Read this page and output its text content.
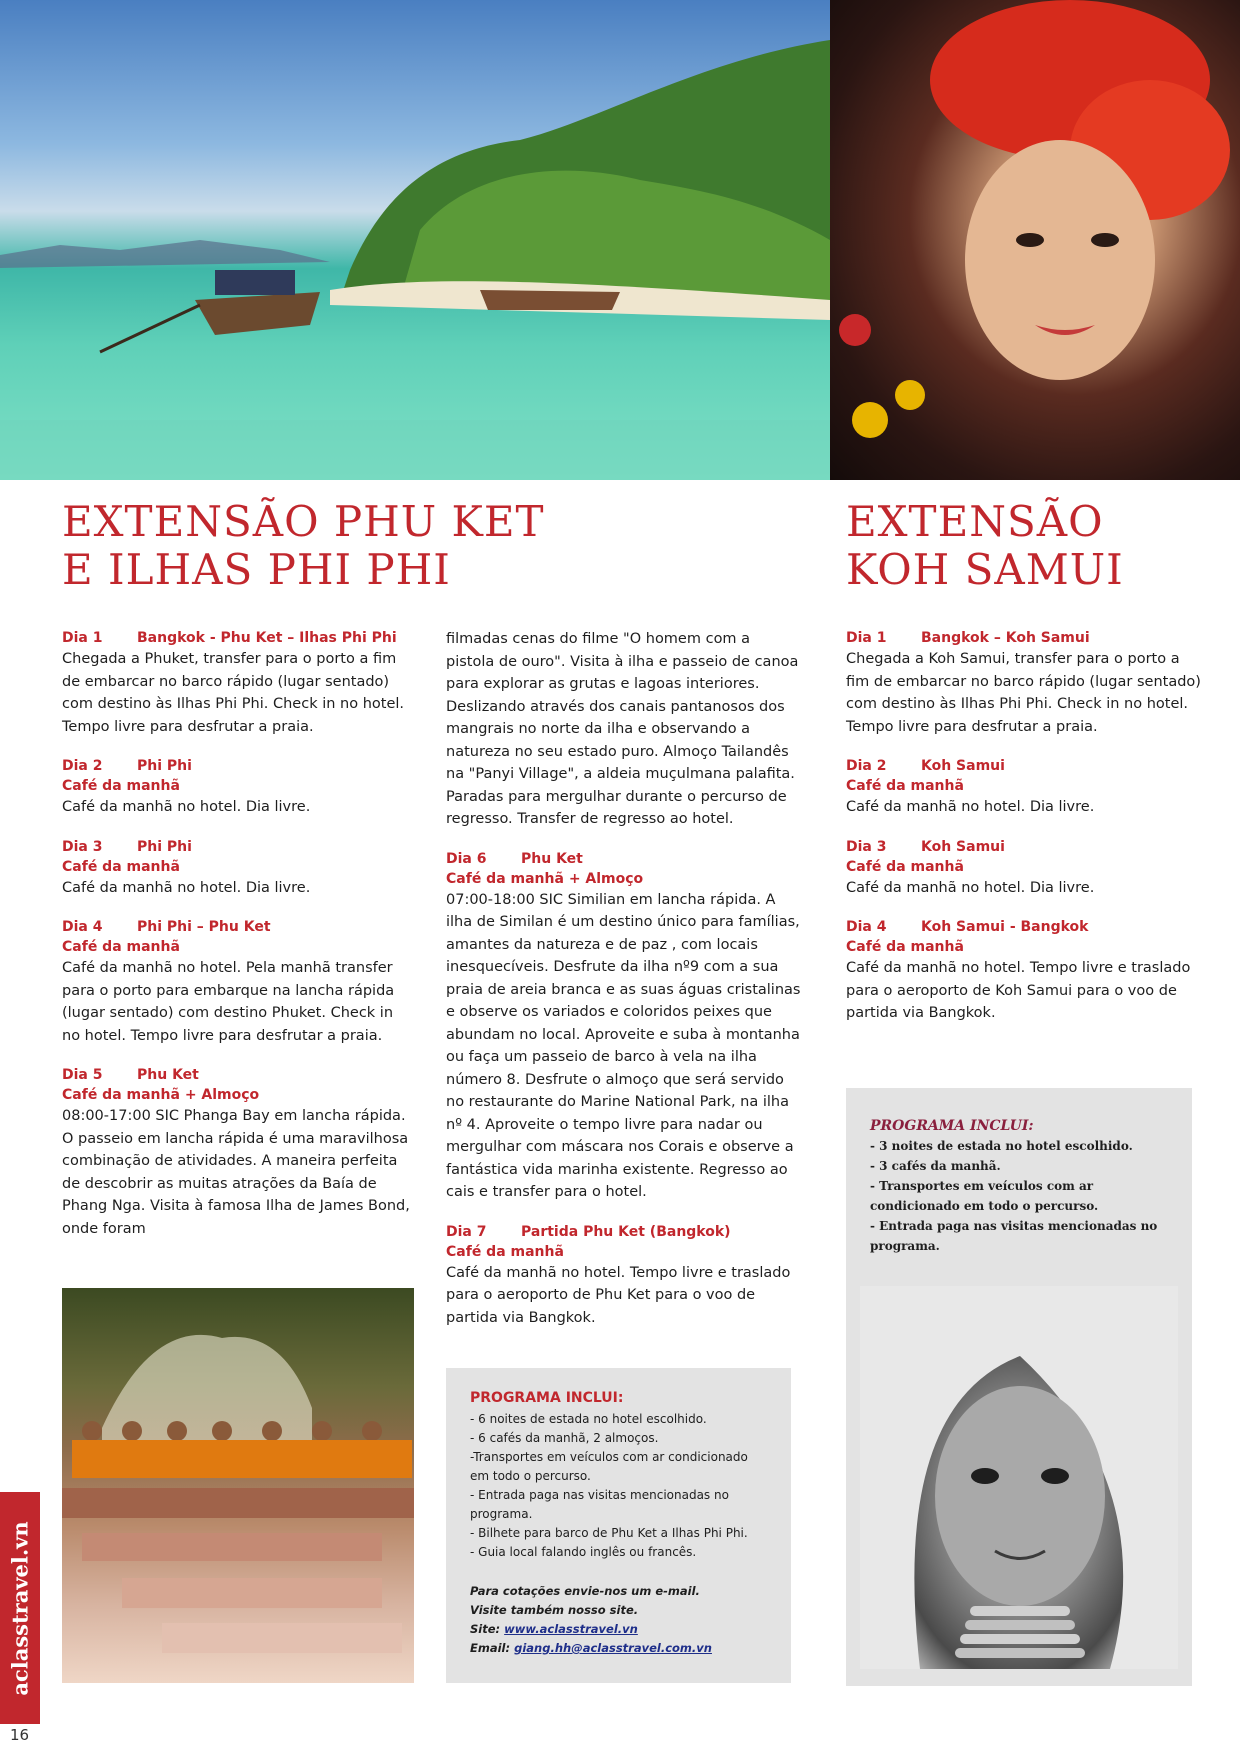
EXTENSÃO PHU KET
E ILHAS PHI PHI
EXTENSÃO
KOH SAMUI
Dia 1	Bangkok - Phu Ket – Ilhas Phi Phi

Chegada a Phuket, transfer para o porto a fim de embarcar no barco rápido (lugar sentado) com destino às Ilhas Phi Phi. Check in no hotel. Tempo livre para desfrutar a praia.

Dia 2	Phi Phi
Café da manhã

Café da manhã no hotel. Dia livre.

Dia 3	Phi Phi
Café da manhã

Café da manhã no hotel. Dia livre.

Dia 4	Phi Phi – Phu Ket
Café da manhã

Café da manhã no hotel. Pela manhã transfer para o porto para embarque na lancha rápida (lugar sentado) com destino Phuket. Check in no hotel. Tempo livre para desfrutar a praia.

Dia 5	Phu Ket
Café da manhã + Almoço

08:00-17:00 SIC Phanga Bay em lancha rápida. O passeio em lancha rápida é uma maravilhosa combinação de atividades. A maneira perfeita de descobrir as muitas atrações da Baía de Phang Nga. Visita à famosa Ilha de James Bond, onde foram

filmadas cenas do filme "O homem com a pistola de ouro". Visita à ilha e passeio de canoa para explorar as grutas e lagoas interiores. Deslizando através dos canais pantanosos dos mangrais no norte da ilha e observando a natureza no seu estado puro. Almoço Tailandês na "Panyi Village", a aldeia muçulmana palafita. Paradas para mergulhar durante o percurso de regresso. Transfer de regresso ao hotel.

Dia 6	Phu Ket
Café da manhã + Almoço

07:00-18:00 SIC Similian em lancha rápida. A ilha de Similan é um destino único para famílias, amantes da natureza e de paz , com locais inesquecíveis. Desfrute da ilha nº9 com a sua praia de areia branca e as suas águas cristalinas e observe os variados e coloridos peixes que abundam no local. Aproveite e suba à montanha ou faça um passeio de barco à vela na ilha número 8. Desfrute o almoço que será servido no restaurante do Marine National Park, na ilha nº 4. Aproveite o tempo livre para nadar ou mergulhar com máscara nos Corais e observe a fantástica vida marinha existente. Regresso ao cais e transfer para o hotel.

Dia 7	Partida Phu Ket (Bangkok)
Café da manhã

Café da manhã no hotel. Tempo livre e traslado para o aeroporto de Phu Ket para o voo de partida via Bangkok.

Dia 1	Bangkok – Koh Samui

Chegada a Koh Samui, transfer para o porto a fim de embarcar no barco rápido (lugar sentado) com destino às Ilhas Phi Phi. Check in no hotel. Tempo livre para desfrutar a praia.

Dia 2	Koh Samui
Café da manhã

Café da manhã no hotel. Dia livre.

Dia 3	Koh Samui
Café da manhã

Café da manhã no hotel. Dia livre.

Dia 4	Koh Samui - Bangkok
Café da manhã

Café da manhã no hotel. Tempo livre e traslado para o aeroporto de Koh Samui para o voo de partida via Bangkok.

PROGRAMA INCLUI:
- 6 noites de estada no hotel escolhido.
- 6 cafés da manhã, 2 almoços.
-Transportes em veículos com ar condicionado em todo o percurso.
- Entrada paga nas visitas mencionadas no programa.
- Bilhete para barco de Phu Ket a Ilhas Phi Phi.
- Guia local falando inglês ou francês.
Para cotações envie-nos um e-mail.
Visite também nosso site.
Site: www.aclasstravel.vn
Email: giang.hh@aclasstravel.com.vn
PROGRAMA INCLUI:
- 3 noites de estada no hotel escolhido.
- 3 cafés da manhã.
- Transportes em veículos com ar condicionado em todo o percurso.
- Entrada paga nas visitas mencionadas no programa.
aclasstravel.vn
16
